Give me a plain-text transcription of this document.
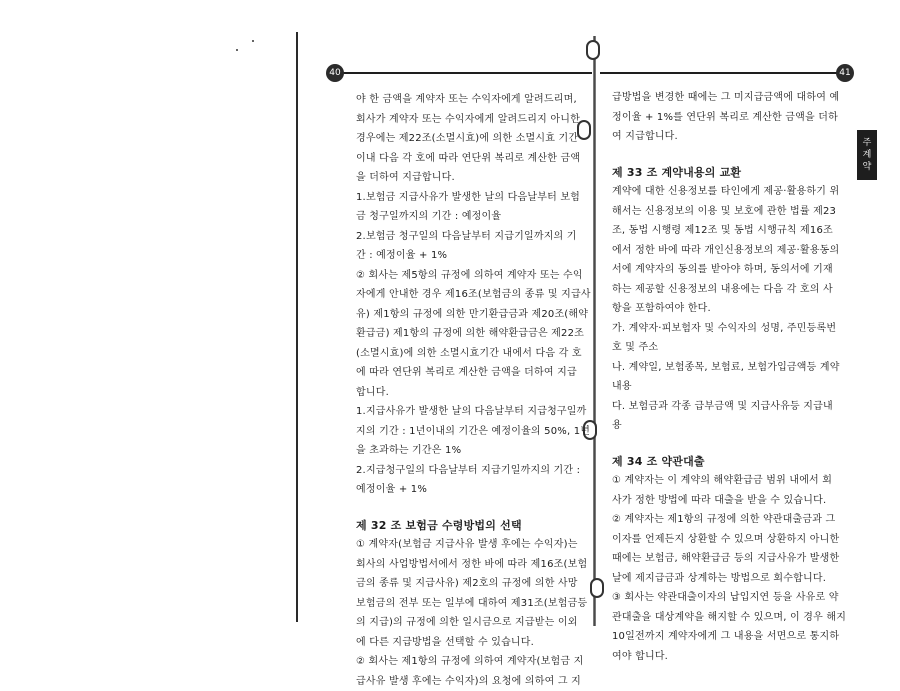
40	41
주
계
약
야 한 금액을 계약자 또는 수익자에게 알려드리며,
회사가 계약자 또는 수익자에게 알려드리지 아니한
경우에는 제22조(소멸시효)에 의한 소멸시효 기간
이내 다음 각 호에 따라 연단위 복리로 계산한 금액
을 더하여 지급합니다.
1.보험금 지급사유가 발생한 날의 다음날부터 보험
금 청구일까지의 기간 : 예정이율
2.보험금 청구일의 다음날부터 지급기일까지의 기
간 : 예정이율 + 1%
② 회사는 제5항의 규정에 의하여 계약자 또는 수익
자에게 안내한 경우 제16조(보험금의 종류 및 지급사
유) 제1항의 규정에 의한 만기환급금과 제20조(해약
환급금) 제1항의 규정에 의한 해약환급금은 제22조
(소멸시효)에 의한 소멸시효기간 내에서 다음 각 호
에 따라 연단위 복리로 계산한 금액을 더하여 지급
합니다.
1.지급사유가 발생한 날의 다음날부터 지급청구일까
지의 기간 : 1년이내의 기간은 예정이율의 50%, 1년
을 초과하는 기간은 1%
2.지급청구일의 다음날부터 지급기일까지의 기간 :
예정이율 + 1%
제 32 조 보험금 수령방법의 선택
① 계약자(보험금 지급사유 발생 후에는 수익자)는
회사의 사업방법서에서 정한 바에 따라 제16조(보험
금의 종류 및 지급사유) 제2호의 규정에 의한 사망
보험금의 전부 또는 일부에 대하여 제31조(보험금등
의 지급)의 규정에 의한 일시금으로 지급받는 이외
에 다른 지급방법을 선택할 수 있습니다.
② 회사는 제1항의 규정에 의하여 계약자(보험금 지
급사유 발생 후에는 수익자)의 요청에 의하여 그 지
급방법을 변경한 때에는 그 미지급금액에 대하여 예
정이율 + 1%를 연단위 복리로 계산한 금액을 더하
여 지급합니다.
제 33 조 계약내용의 교환
계약에 대한 신용정보를 타인에게 제공·활용하기 위
해서는 신용정보의 이용 및 보호에 관한 법률 제23
조, 동법 시행령 제12조 및 동법 시행규칙 제16조
에서 정한 바에 따라 개인신용정보의 제공·활용동의
서에 계약자의 동의를 받아야 하며, 동의서에 기재
하는 제공할 신용정보의 내용에는 다음 각 호의 사
항을 포함하여야 한다.
가. 계약자·피보험자 및 수익자의 성명, 주민등록번
호 및 주소
나. 계약일, 보험종목, 보험료, 보험가입금액등 계약
내용
다. 보험금과 각종 급부금액 및 지급사유등 지급내
용
제 34 조 약관대출
① 계약자는 이 계약의 해약환급금 범위 내에서 회
사가 정한 방법에 따라 대출을 받을 수 있습니다.
② 계약자는 제1항의 규정에 의한 약관대출금과 그
이자를 언제든지 상환할 수 있으며 상환하지 아니한
때에는 보험금, 해약환급금 등의 지급사유가 발생한
날에 제지급금과 상계하는 방법으로 회수합니다.
③ 회사는 약관대출이자의 납입지연 등을 사유로 약
관대출을 대상계약을 해지할 수 있으며, 이 경우 해지
10일전까지 계약자에게 그 내용을 서면으로 통지하
여야 합니다.
